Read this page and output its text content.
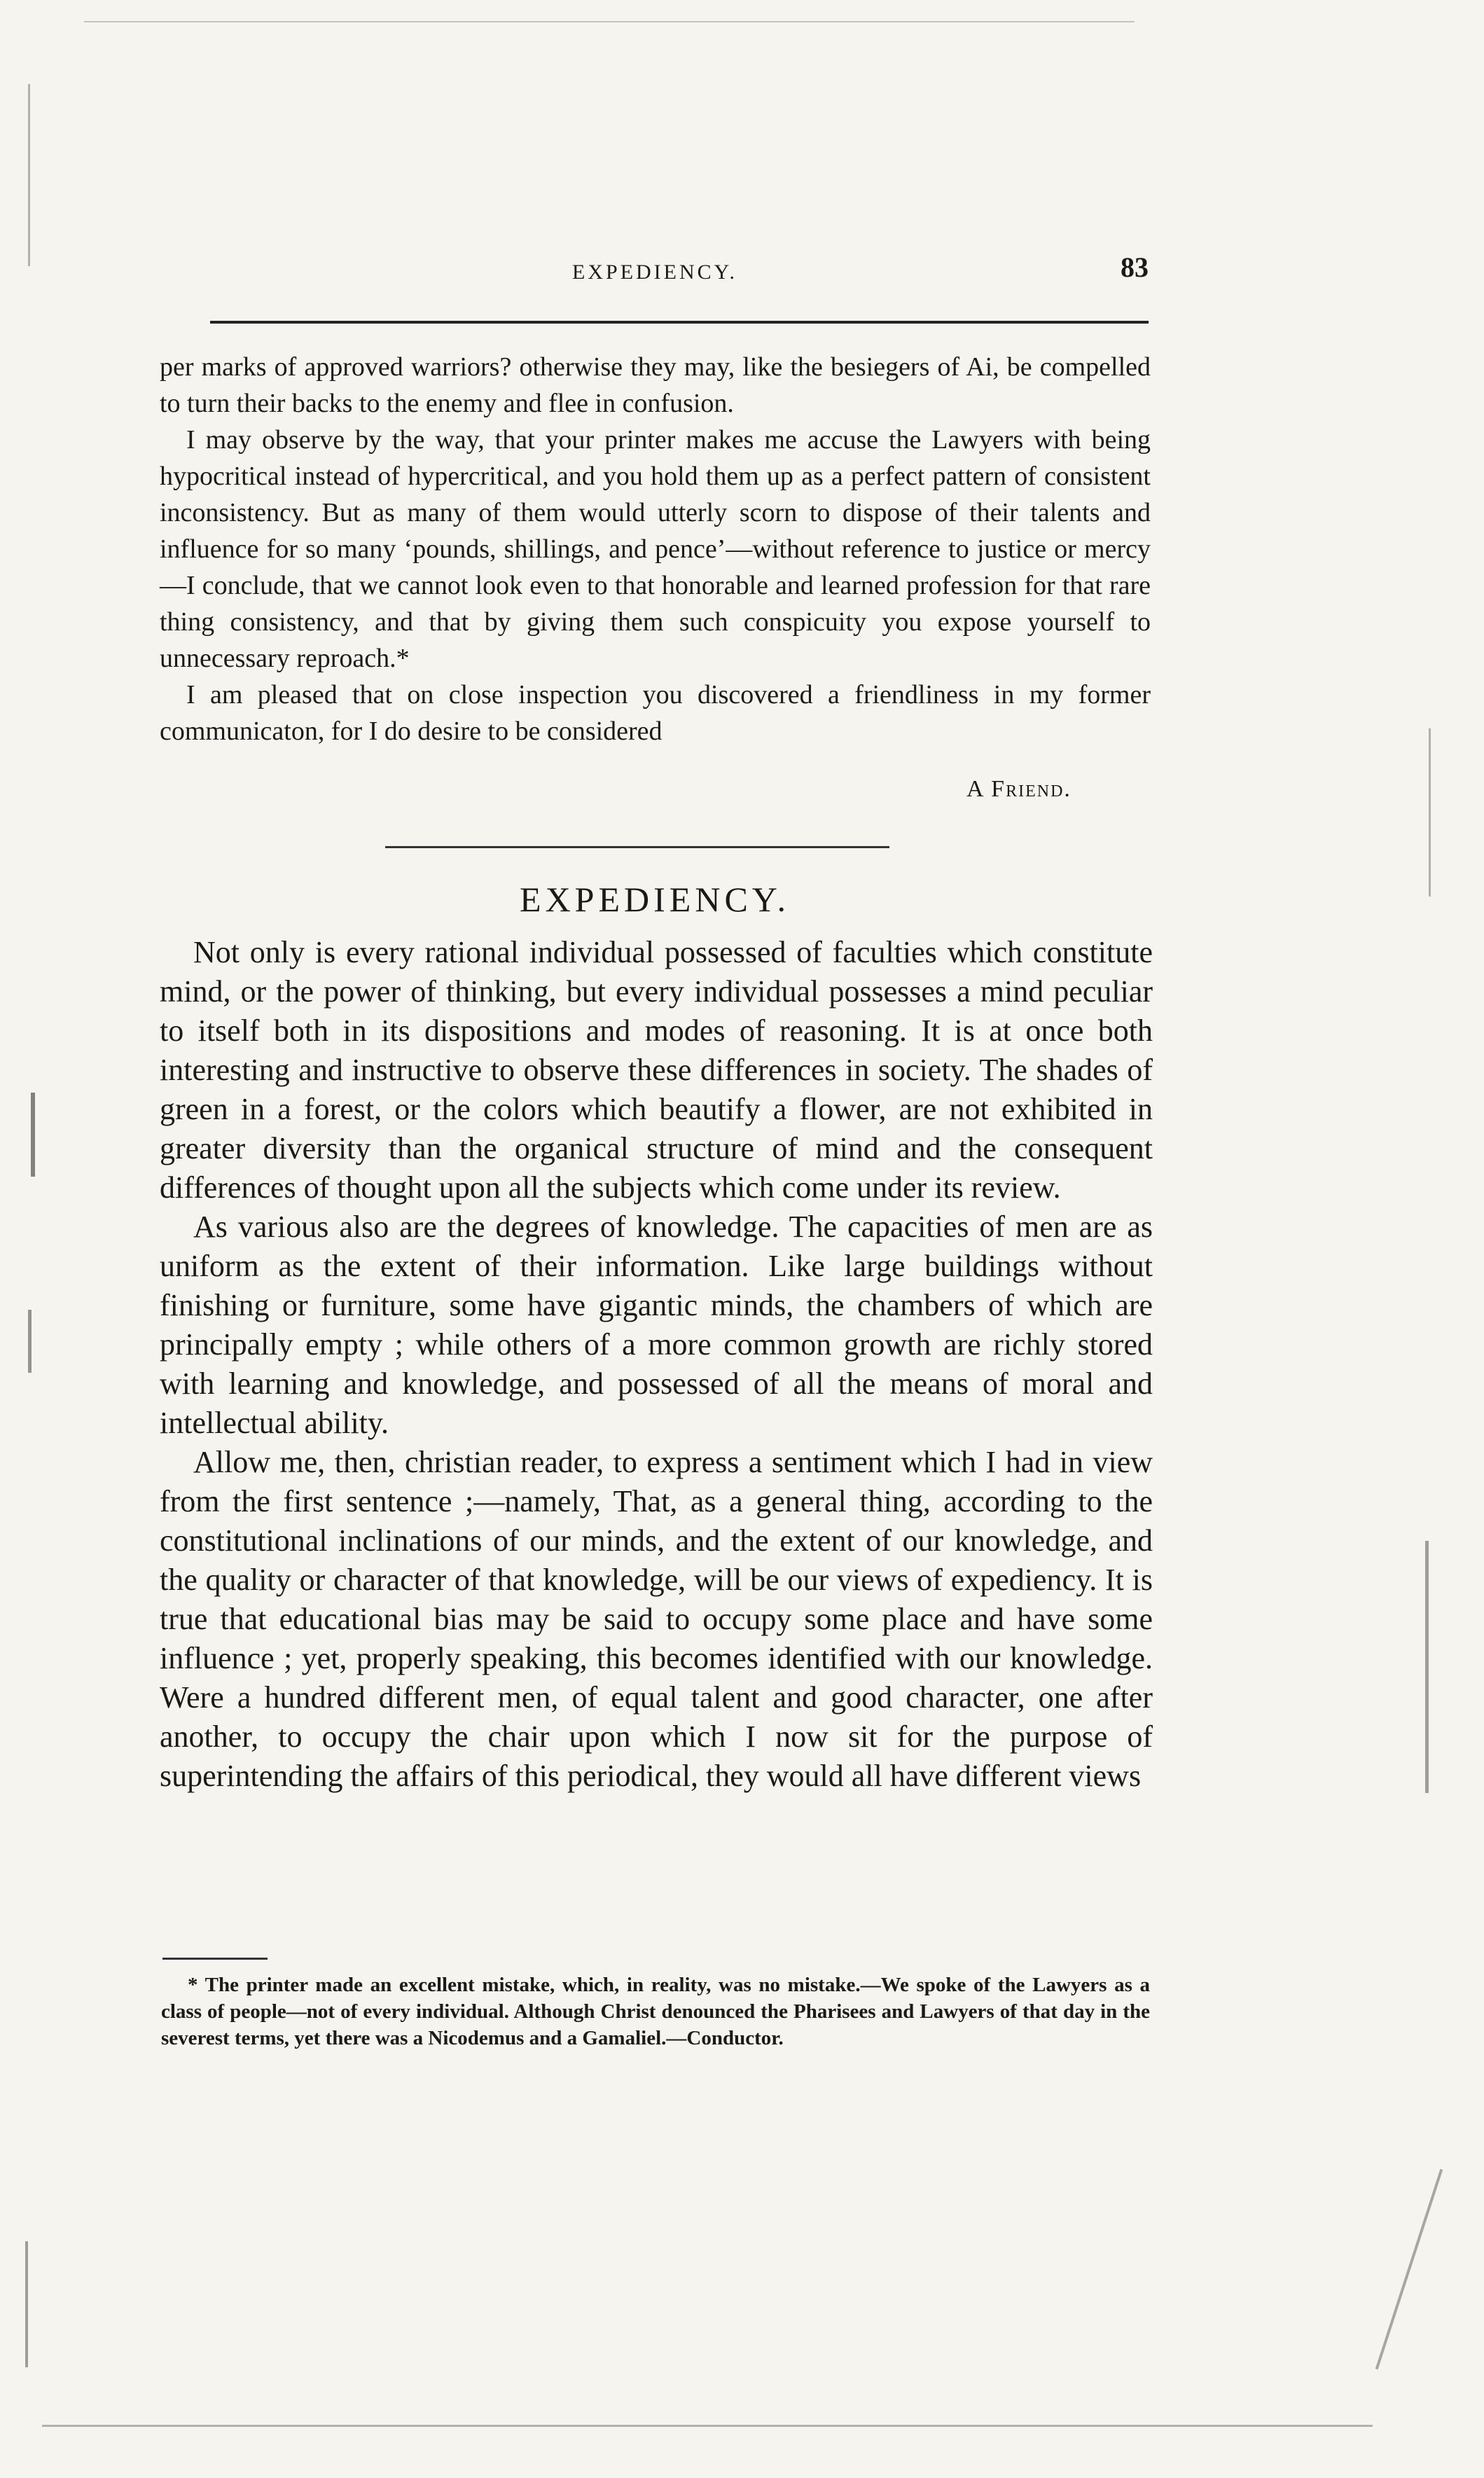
EXPEDIENCY.	83

per marks of approved warriors? otherwise they may, like the besiegers of Ai, be compelled to turn their backs to the enemy and flee in confusion.

I may observe by the way, that your printer makes me accuse the Lawyers with being hypocritical instead of hypercritical, and you hold them up as a perfect pattern of consistent inconsistency. But as many of them would utterly scorn to dispose of their talents and influence for so many ‘pounds, shillings, and pence’—without reference to justice or mercy—I conclude, that we cannot look even to that honorable and learned profession for that rare thing consistency, and that by giving them such conspicuity you expose yourself to unnecessary reproach.*

I am pleased that on close inspection you discovered a friendliness in my former communicaton, for I do desire to be considered

A Friend.
EXPEDIENCY.

Not only is every rational individual possessed of faculties which constitute mind, or the power of thinking, but every individual possesses a mind peculiar to itself both in its dispositions and modes of reasoning. It is at once both interesting and instructive to observe these differences in society. The shades of green in a forest, or the colors which beautify a flower, are not exhibited in greater diversity than the organical structure of mind and the consequent differences of thought upon all the subjects which come under its review.

As various also are the degrees of knowledge. The capacities of men are as uniform as the extent of their information. Like large buildings without finishing or furniture, some have gigantic minds, the chambers of which are principally empty ; while others of a more common growth are richly stored with learning and knowledge, and possessed of all the means of moral and intellectual ability.

Allow me, then, christian reader, to express a sentiment which I had in view from the first sentence ;—namely, That, as a general thing, according to the constitutional inclinations of our minds, and the extent of our knowledge, and the quality or character of that knowledge, will be our views of expediency. It is true that educational bias may be said to occupy some place and have some influence ; yet, properly speaking, this becomes identified with our knowledge. Were a hundred different men, of equal talent and good character, one after another, to occupy the chair upon which I now sit for the purpose of superintending the affairs of this periodical, they would all have different views

* The printer made an excellent mistake, which, in reality, was no mistake.—We spoke of the Lawyers as a class of people—not of every individual. Although Christ denounced the Pharisees and Lawyers of that day in the severest terms, yet there was a Nicodemus and a Gamaliel.—Conductor.
